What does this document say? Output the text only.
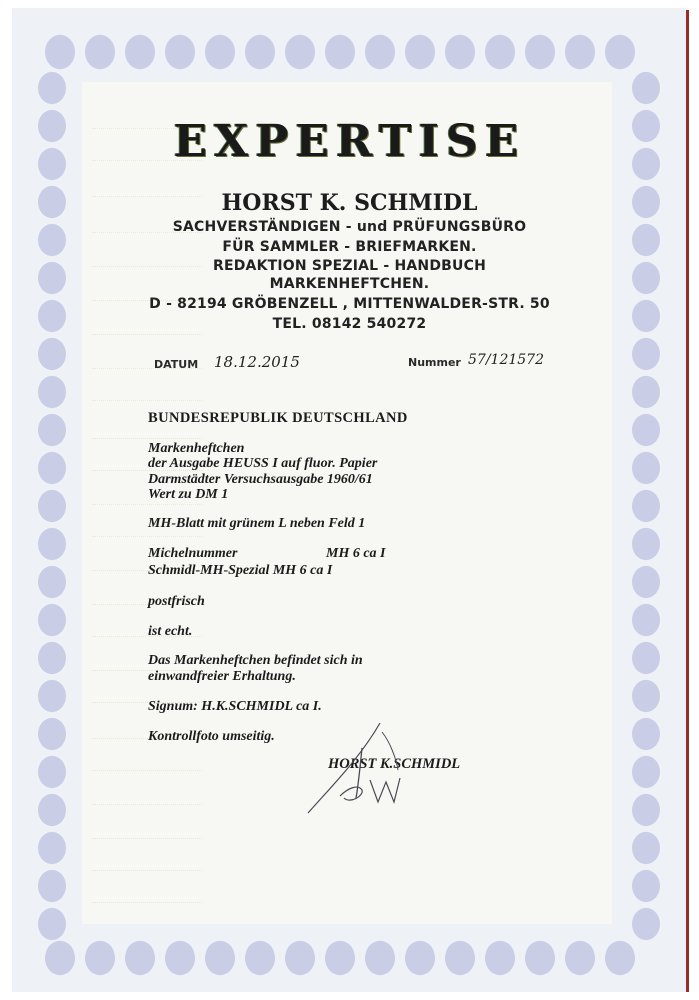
EXPERTISE
HORST K. SCHMIDL
SACHVERSTÄNDIGEN - und PRÜFUNGSBÜRO
FÜR SAMMLER - BRIEFMARKEN.
REDAKTION SPEZIAL - HANDBUCH
MARKENHEFTCHEN.
D - 82194 GRÖBENZELL , MITTENWALDER-STR. 50
TEL. 08142 540272
DATUM 18.12.2015	Nummer 57/121572
BUNDESREPUBLIK DEUTSCHLAND
Markenheftchen
der Ausgabe HEUSS I auf fluor. Papier
Darmstädter Versuchsausgabe 1960/61
Wert zu DM 1
MH-Blatt mit grünem L neben Feld 1
Michelnummer	MH 6 ca I
Schmidl-MH-Spezial MH 6 ca I
postfrisch
ist echt.
Das Markenheftchen befindet sich in
einwandfreier Erhaltung.
Signum: H.K.SCHMIDL ca I.
Kontrollfoto umseitig.
HORST K.SCHMIDL
